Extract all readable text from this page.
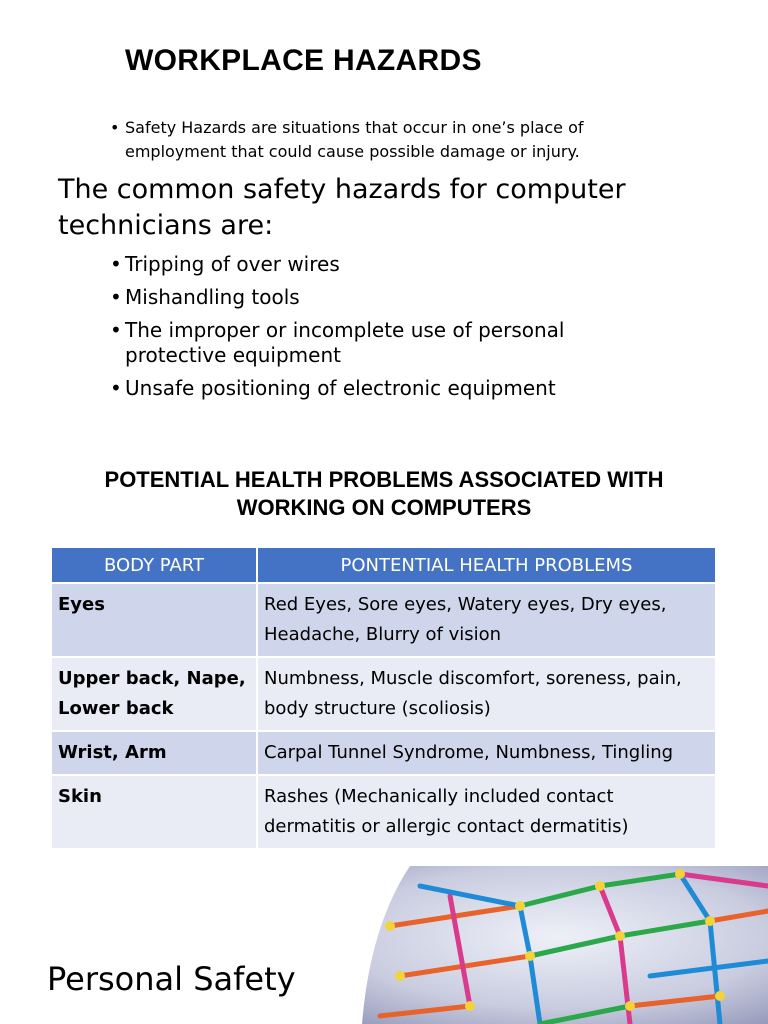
WORKPLACE HAZARDS
• Safety Hazards are situations that occur in one’s place of employment that could cause possible damage or injury.
The common safety hazards for computer technicians are:
• Tripping of over wires
• Mishandling tools
• The improper or incomplete use of personal protective equipment
• Unsafe positioning of electronic equipment
POTENTIAL HEALTH PROBLEMS ASSOCIATED WITH WORKING ON COMPUTERS
BODY PART	PONTENTIAL HEALTH PROBLEMS
Eyes	Red Eyes, Sore eyes, Watery eyes, Dry eyes, Headache, Blurry of vision
Upper back, Nape, Lower back	Numbness, Muscle discomfort, soreness, pain, body structure (scoliosis)
Wrist, Arm	Carpal Tunnel Syndrome, Numbness, Tingling
Skin	Rashes (Mechanically included contact dermatitis or allergic contact dermatitis)
Personal Safety
